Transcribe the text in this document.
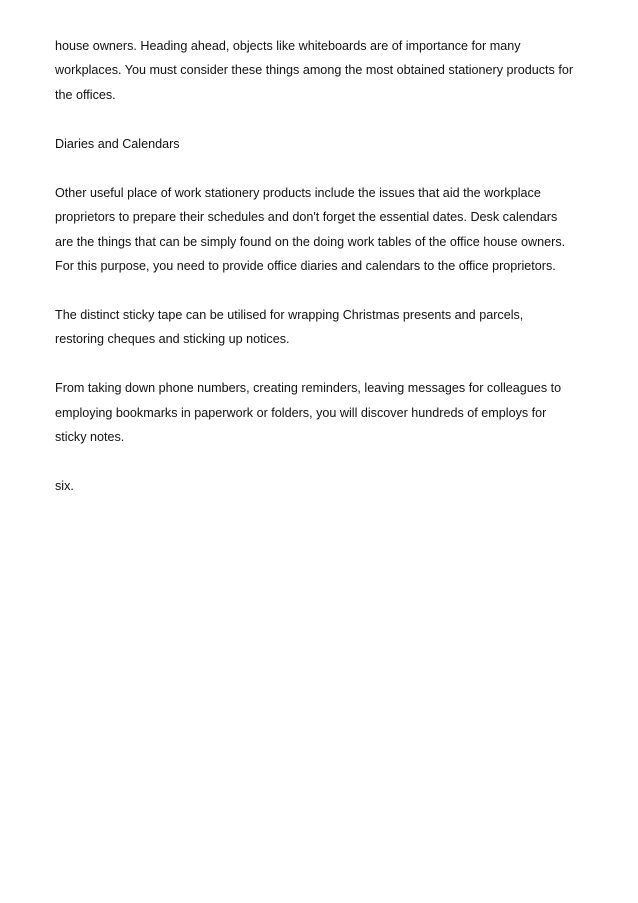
house owners. Heading ahead, objects like whiteboards are of importance for many
workplaces. You must consider these things among the most obtained stationery products for
the offices.

Diaries and Calendars

Other useful place of work stationery products include the issues that aid the workplace
proprietors to prepare their schedules and don't forget the essential dates. Desk calendars
are the things that can be simply found on the doing work tables of the office house owners.
For this purpose, you need to provide office diaries and calendars to the office proprietors.

The distinct sticky tape can be utilised for wrapping Christmas presents and parcels,
restoring cheques and sticking up notices.

From taking down phone numbers, creating reminders, leaving messages for colleagues to
employing bookmarks in paperwork or folders, you will discover hundreds of employs for
sticky notes.

six.
